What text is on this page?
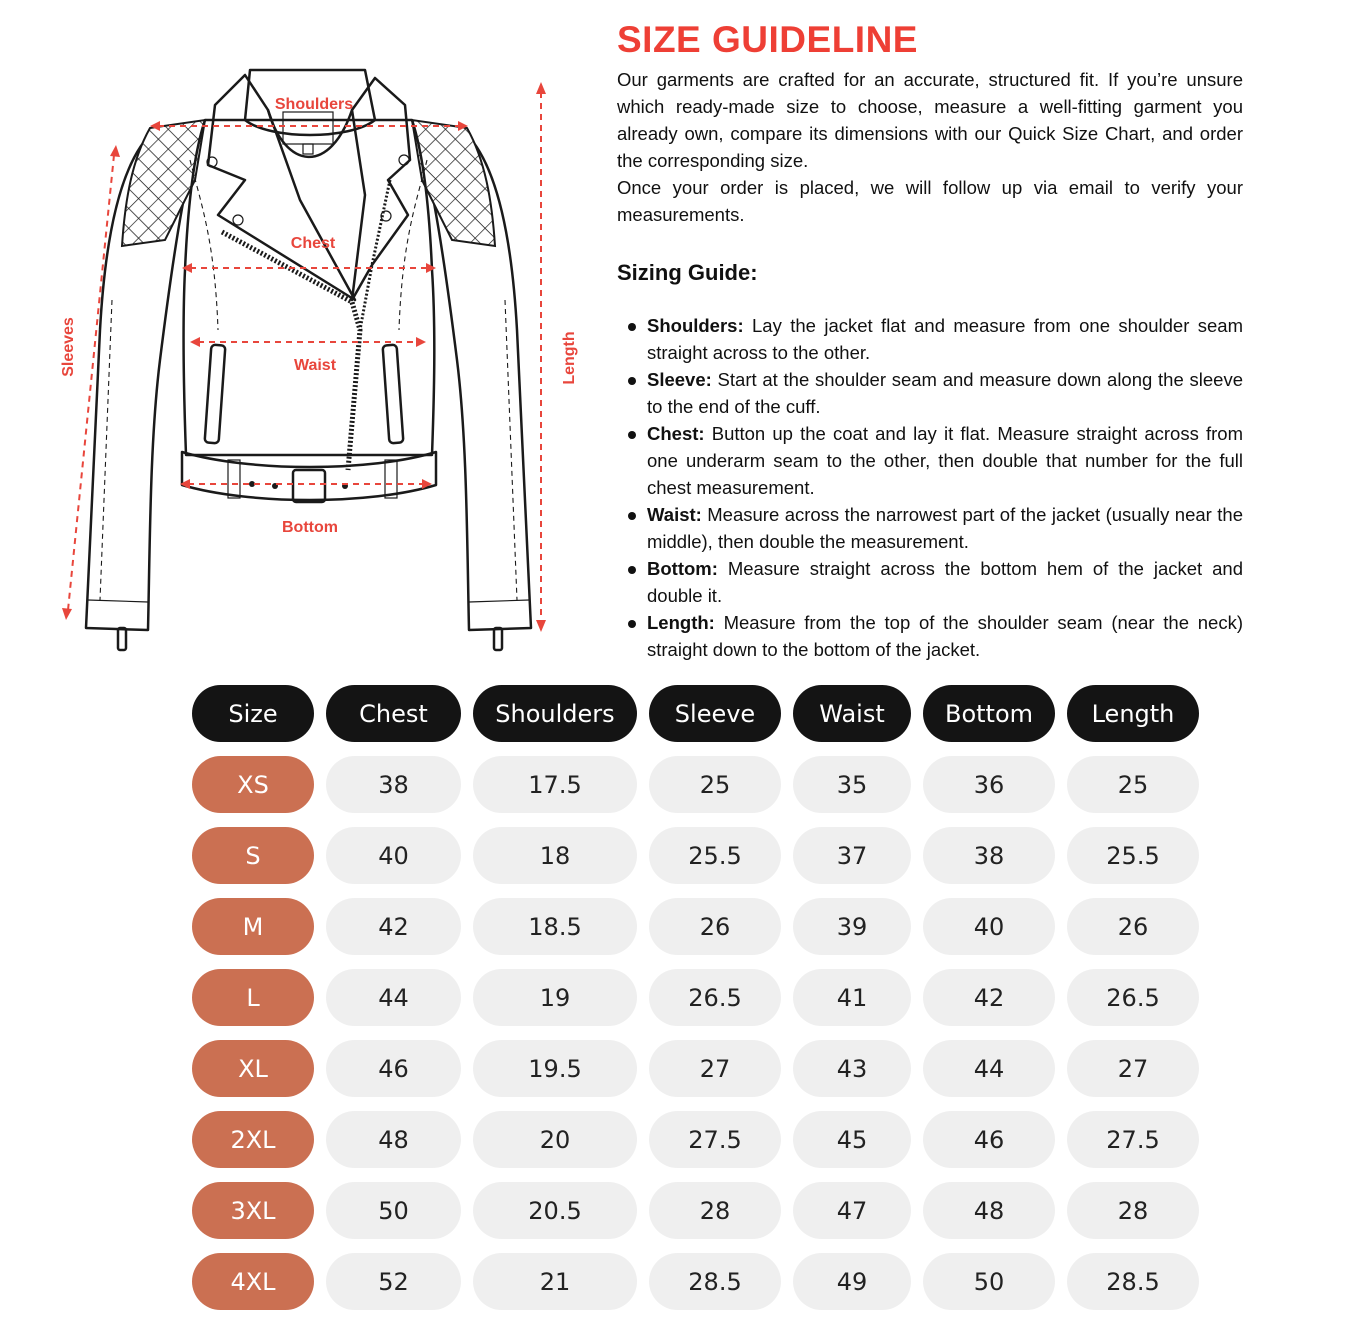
Shoulders
Chest
Waist
Bottom
Sleeves	Length
SIZE GUIDELINE

Our garments are crafted for an accurate, structured fit. If you’re unsure which ready-made size to choose, measure a well-fitting garment you already own, compare its dimensions with our Quick Size Chart, and order the corresponding size.

Once your order is placed, we will follow up via email to verify your measurements.

Sizing Guide:
Shoulders: Lay the jacket flat and measure from one shoulder seam straight across to the other.
Sleeve: Start at the shoulder seam and measure down along the sleeve to the end of the cuff.
Chest: Button up the coat and lay it flat. Measure straight across from one underarm seam to the other, then double that number for the full chest measurement.
Waist: Measure across the narrowest part of the jacket (usually near the middle), then double the measurement.
Bottom: Measure straight across the bottom hem of the jacket and double it.
Length: Measure from the top of the shoulder seam (near the neck) straight down to the bottom of the jacket.
Size	Chest	Shoulders	Sleeve	Waist	Bottom	Length
XS	38	17.5	25	35	36	25
S	40	18	25.5	37	38	25.5
M	42	18.5	26	39	40	26
L	44	19	26.5	41	42	26.5
XL	46	19.5	27	43	44	27
2XL	48	20	27.5	45	46	27.5
3XL	50	20.5	28	47	48	28
4XL	52	21	28.5	49	50	28.5
